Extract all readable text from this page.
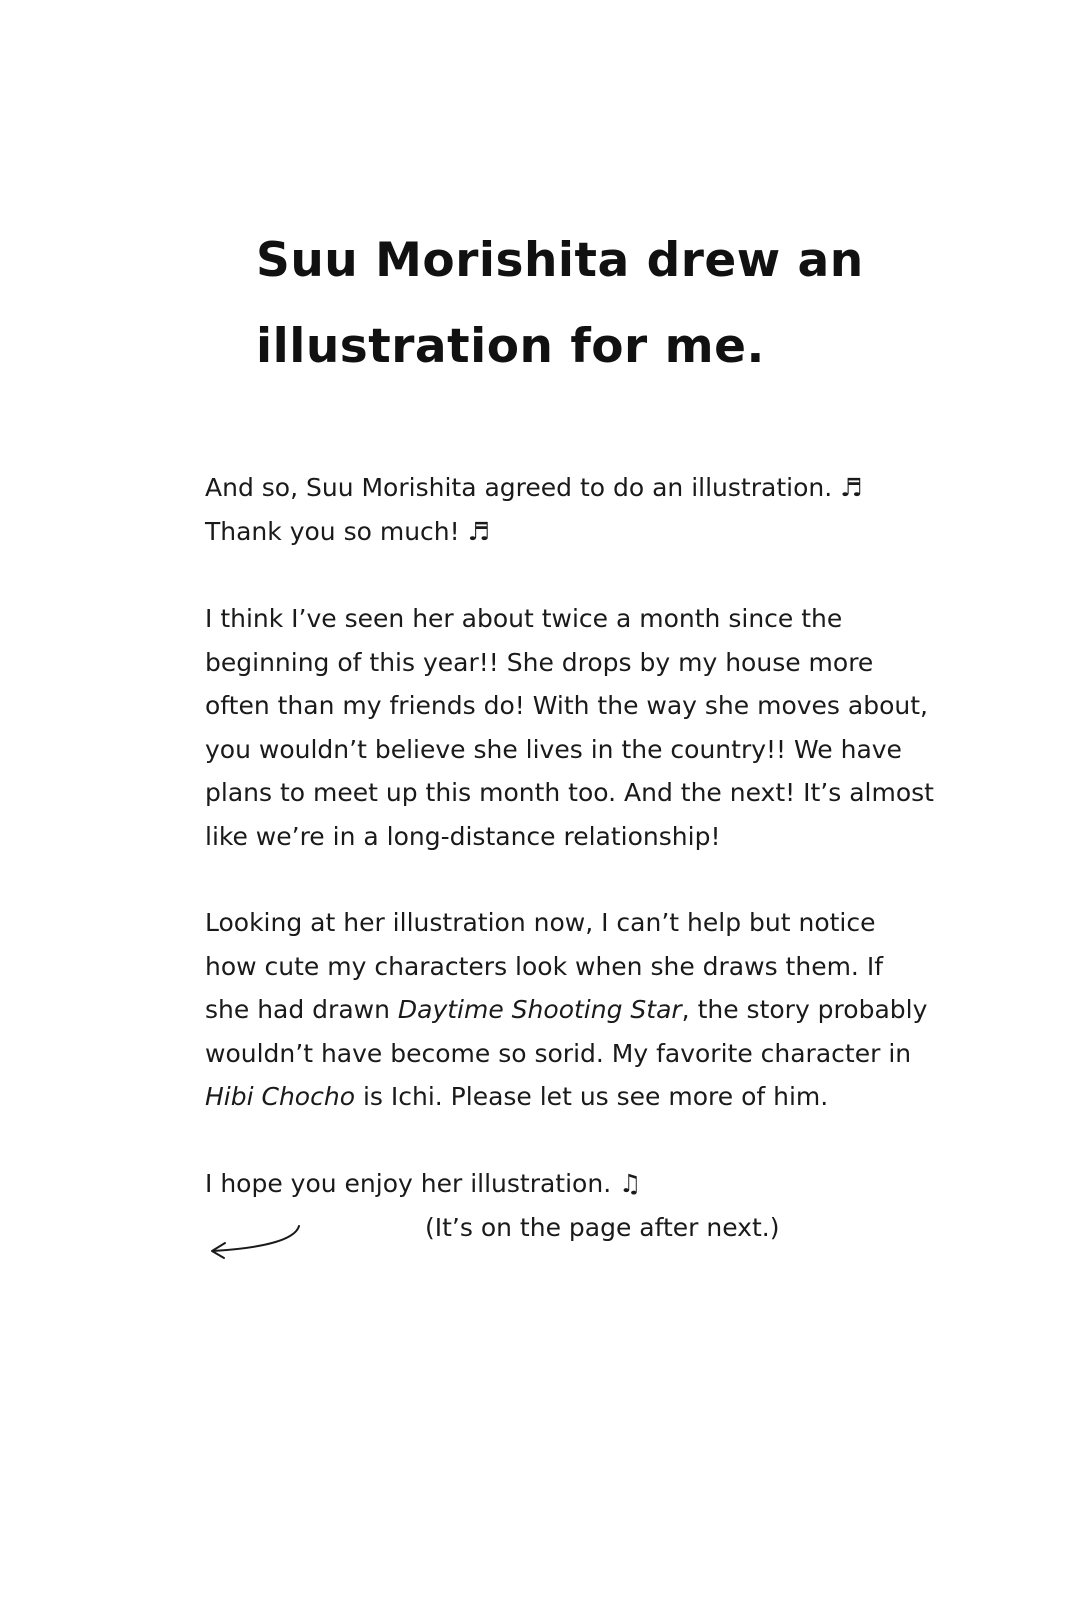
Suu Morishita drew an
illustration for me.
And so, Suu Morishita agreed to do an illustration. ♬
Thank you so much! ♬
I think I’ve seen her about twice a month since the
beginning of this year!! She drops by my house more
often than my friends do! With the way she moves about,
you wouldn’t believe she lives in the country!! We have
plans to meet up this month too. And the next! It’s almost
like we’re in a long-distance relationship!
Looking at her illustration now, I can’t help but notice
how cute my characters look when she draws them. If
she had drawn Daytime Shooting Star, the story probably
wouldn’t have become so sorid. My favorite character in
Hibi Chocho is Ichi. Please let us see more of him.
I hope you enjoy her illustration. ♫
(It’s on the page after next.)
